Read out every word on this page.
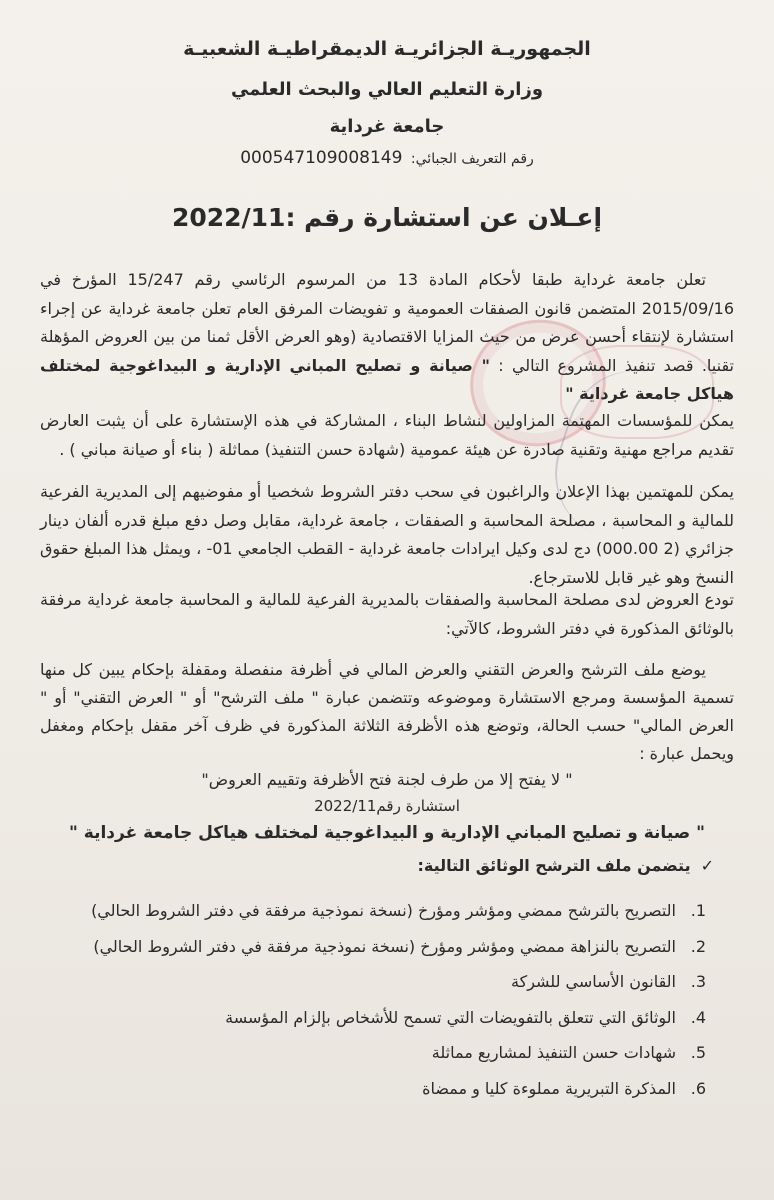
الجمهوريـة الجزائريـة الديمقراطيـة الشعبيـة
وزارة التعليم العالي والبحث العلمي
جامعة غرداية
رقم التعريف الجبائي: 000547109008149
إعـلان عن استشارة رقم :2022/11
تعلن جامعة غرداية طبقا لأحكام المادة 13 من المرسوم الرئاسي رقم 15/247 المؤرخ في 2015/09/16 المتضمن قانون الصفقات العمومية و تفويضات المرفق العام تعلن جامعة غرداية عن إجراء استشارة لإنتقاء أحسن عرض من حيث المزايا الاقتصادية (وهو العرض الأقل ثمنا من بين العروض المؤهلة تقنيا. قصد تنفيذ المشروع التالي : " صيانة و تصليح المباني الإدارية و البيداغوجية لمختلف هياكل جامعة غرداية "
يمكن للمؤسسات المهتمة المزاولين لنشاط البناء ، المشاركة في هذه الإستشارة على أن يثبت العارض تقديم مراجع مهنية وتقنية صادرة عن هيئة عمومية (شهادة حسن التنفيذ) مماثلة ( بناء أو صيانة مباني ) .
يمكن للمهتمين بهذا الإعلان والراغبون في سحب دفتر الشروط شخصيا أو مفوضيهم إلى المديرية الفرعية للمالية و المحاسبة ، مصلحة المحاسبة و الصفقات ، جامعة غرداية، مقابل وصل دفع مبلغ قدره ألفان دينار جزائري (2 000.00) دج لدى وكيل ايرادات جامعة غرداية - القطب الجامعي 01- ، ويمثل هذا المبلغ حقوق النسخ وهو غير قابل للاسترجاع.
تودع العروض لدى مصلحة المحاسبة والصفقات بالمديرية الفرعية للمالية و المحاسبة جامعة غرداية مرفقة بالوثائق المذكورة في دفتر الشروط، كالآتي:
يوضع ملف الترشح والعرض التقني والعرض المالي في أظرفة منفصلة ومقفلة بإحكام يبين كل منها تسمية المؤسسة ومرجع الاستشارة وموضوعه وتتضمن عبارة " ملف الترشح" أو " العرض التقني" أو " العرض المالي" حسب الحالة، وتوضع هذه الأظرفة الثلاثة المذكورة في ظرف آخر مقفل بإحكام ومغفل ويحمل عبارة :
" لا يفتح إلا من طرف لجنة فتح الأظرفة وتقييم العروض"
استشارة رقم2022/11
" صيانة و تصليح المباني الإدارية و البيداغوجية لمختلف هياكل جامعة غرداية "
✓يتضمن ملف الترشح الوثائق التالية:
1.التصريح بالترشح ممضي ومؤشر ومؤرخ (نسخة نموذجية مرفقة في دفتر الشروط الحالي)
2.التصريح بالنزاهة ممضي ومؤشر ومؤرخ (نسخة نموذجية مرفقة في دفتر الشروط الحالي)
3.القانون الأساسي للشركة
4.الوثائق التي تتعلق بالتفويضات التي تسمح للأشخاص بإلزام المؤسسة
5.شهادات حسن التنفيذ لمشاريع مماثلة
6.المذكرة التبريرية مملوءة كليا و ممضاة
